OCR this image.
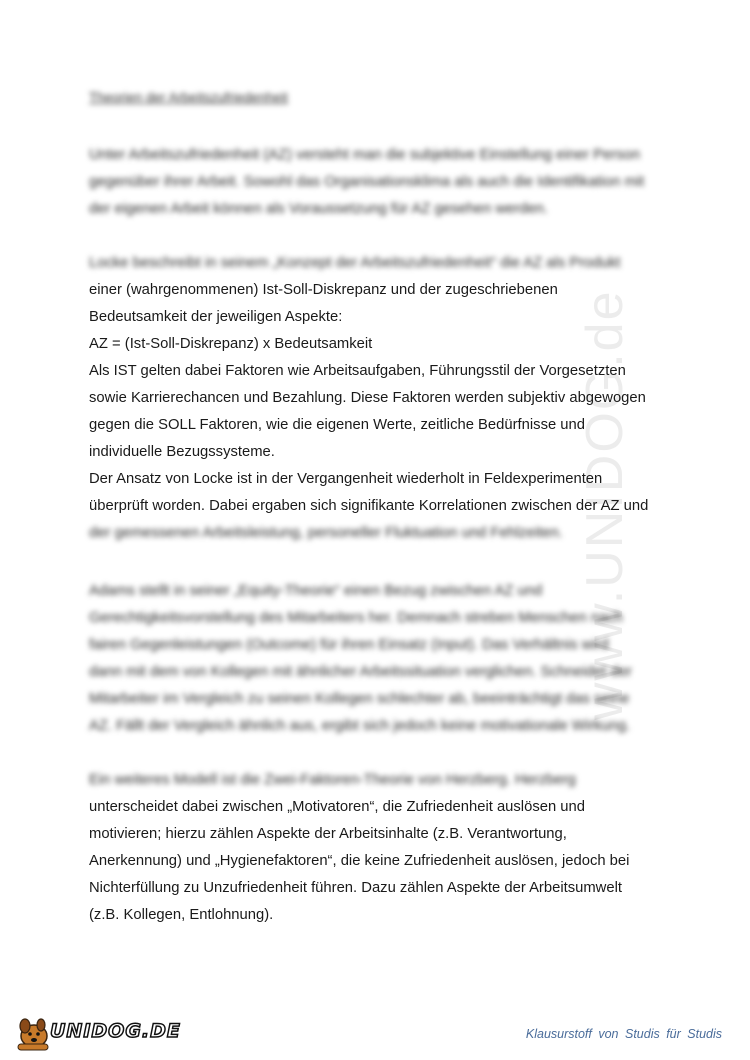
www.UNIDOG.de
Theorien der Arbeitszufriedenheit

Unter Arbeitszufriedenheit (AZ) versteht man die subjektive Einstellung einer Person

gegenüber ihrer Arbeit. Sowohl das Organisationsklima als auch die Identifikation mit

der eigenen Arbeit können als Voraussetzung für AZ gesehen werden.

Locke beschreibt in seinem „Konzept der Arbeitszufriedenheit“ die AZ als Produkt

einer (wahrgenommenen) Ist-Soll-Diskrepanz und der zugeschriebenen

Bedeutsamkeit der jeweiligen Aspekte:

AZ = (Ist-Soll-Diskrepanz) x Bedeutsamkeit

Als IST gelten dabei Faktoren wie Arbeitsaufgaben, Führungsstil der Vorgesetzten

sowie Karrierechancen und Bezahlung. Diese Faktoren werden subjektiv abgewogen

gegen die SOLL Faktoren, wie die eigenen Werte, zeitliche Bedürfnisse und

individuelle Bezugssysteme.

Der Ansatz von Locke ist in der Vergangenheit wiederholt in Feldexperimenten

überprüft worden. Dabei ergaben sich signifikante Korrelationen zwischen der AZ und

der gemessenen Arbeitsleistung, personeller Fluktuation und Fehlzeiten.

Adams stellt in seiner „Equity-Theorie“ einen Bezug zwischen AZ und

Gerechtigkeitsvorstellung des Mitarbeiters her. Demnach streben Menschen nach

fairen Gegenleistungen (Outcome) für ihren Einsatz (Input). Das Verhältnis wird

dann mit dem von Kollegen mit ähnlicher Arbeitssituation verglichen. Schneidet der

Mitarbeiter im Vergleich zu seinen Kollegen schlechter ab, beeinträchtigt das seine

AZ. Fällt der Vergleich ähnlich aus, ergibt sich jedoch keine motivationale Wirkung.

Ein weiteres Modell ist die Zwei-Faktoren-Theorie von Herzberg. Herzberg

unterscheidet dabei zwischen „Motivatoren“, die Zufriedenheit auslösen und

motivieren; hierzu zählen Aspekte der Arbeitsinhalte (z.B. Verantwortung,

Anerkennung) und „Hygienefaktoren“, die keine Zufriedenheit auslösen, jedoch bei

Nichterfüllung zu Unzufriedenheit führen. Dazu zählen Aspekte der Arbeitsumwelt

(z.B. Kollegen, Entlohnung).

UNIDOG.DE	Klausurstoff von Studis für Studis
